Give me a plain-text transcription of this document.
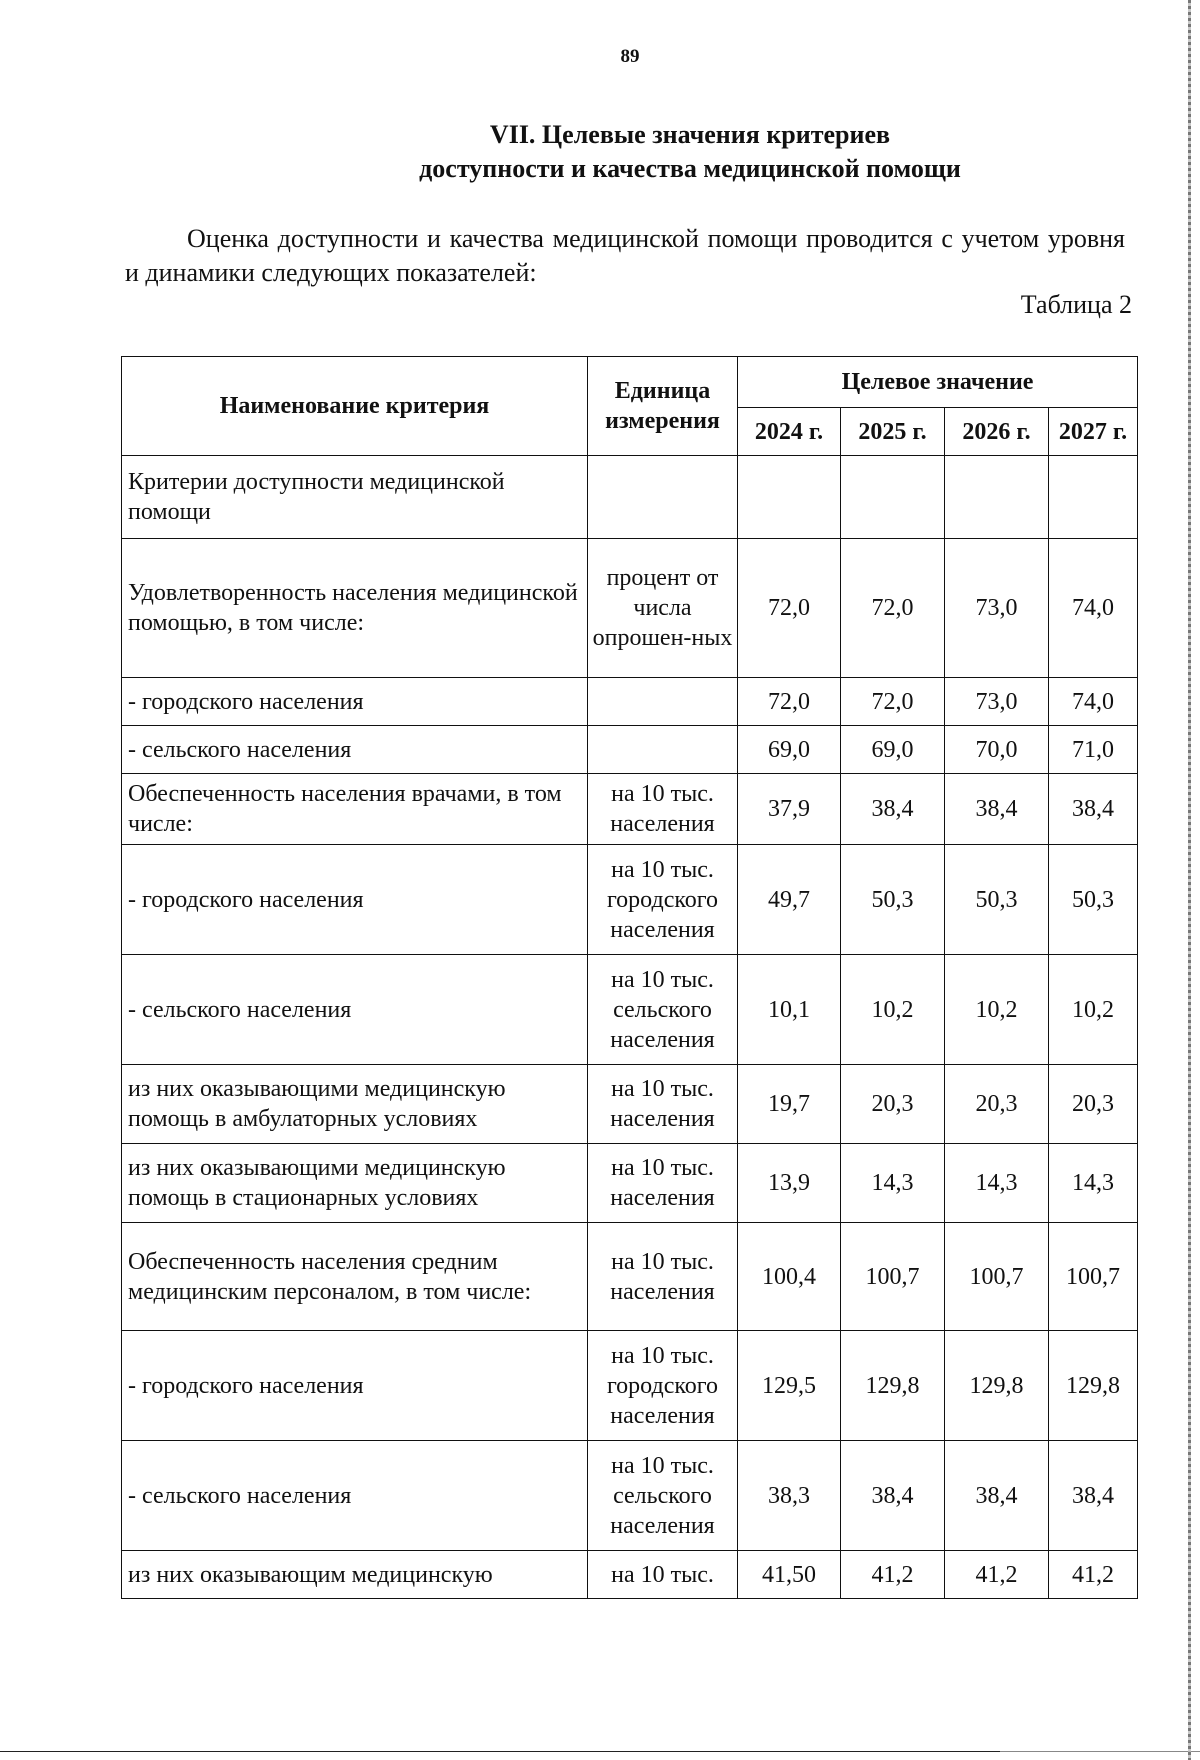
89
VII. Целевые значения критериев
доступности и качества медицинской помощи
Оценка доступности и качества медицинской помощи проводится с учетом уровня и динамики следующих показателей:
Таблица 2
Наименование критерия	Единица измерения	Целевое значение			
		2024 г.	2025 г.	2026 г.	2027 г.
Критерии доступности медицинской помощи					
Удовлетворенность населения медицинской помощью, в том числе:	процент от числа опрошен-ных	72,0	72,0	73,0	74,0
- городского населения		72,0	72,0	73,0	74,0
- сельского населения		69,0	69,0	70,0	71,0
Обеспеченность населения врачами, в том числе:	на 10 тыс. населения	37,9	38,4	38,4	38,4
- городского населения	на 10 тыс. городского населения	49,7	50,3	50,3	50,3
- сельского населения	на 10 тыс. сельского населения	10,1	10,2	10,2	10,2
из них оказывающими медицинскую помощь в амбулаторных условиях	на 10 тыс. населения	19,7	20,3	20,3	20,3
из них оказывающими медицинскую помощь в стационарных условиях	на 10 тыс. населения	13,9	14,3	14,3	14,3
Обеспеченность населения средним медицинским персоналом, в том числе:	на 10 тыс. населения	100,4	100,7	100,7	100,7
- городского населения	на 10 тыс. городского населения	129,5	129,8	129,8	129,8
- сельского населения	на 10 тыс. сельского населения	38,3	38,4	38,4	38,4
из них оказывающим медицинскую	на 10 тыс.	41,50	41,2	41,2	41,2
